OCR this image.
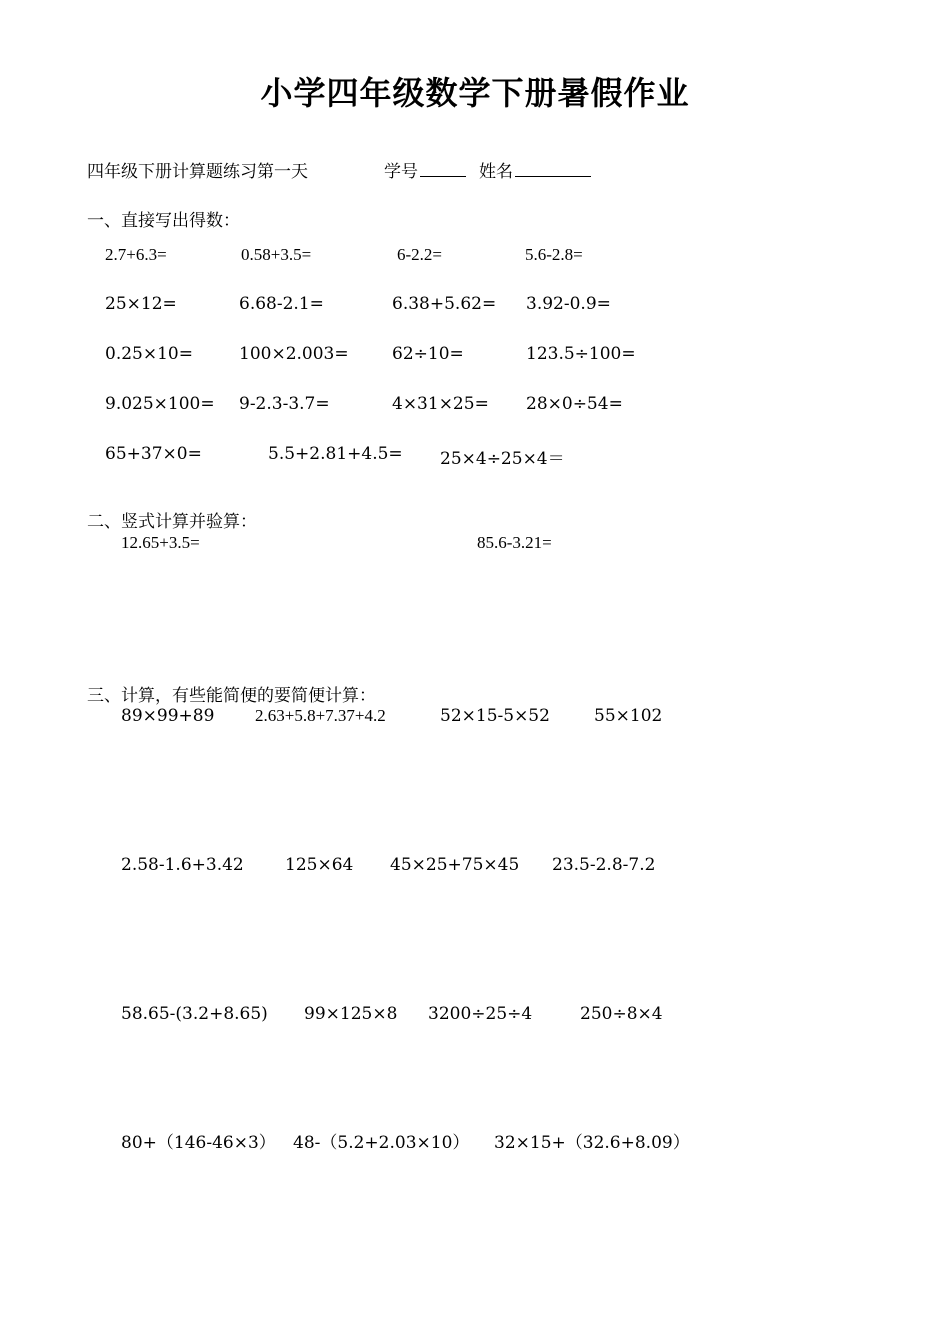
小学四年级数学下册暑假作业
四年级下册计算题练习第一天	学号	姓名
一、直接写出得数：
2.7+6.3=	0.58+3.5=	6-2.2=	5.6-2.8=
25×12=	6.68-2.1=	6.38+5.62= 3.92-0.9=
0.25×10=	100×2.003=	62÷10=	123.5÷100=
9.025×100= 9-2.3-3.7=	4×31×25= 28×0÷54=
65+37×0=	5.5+2.81+4.5= 25×4÷25×4＝
二、竖式计算并验算：
12.65+3.5=	85.6-3.21=
三、计算，有些能简便的要简便计算：
89×99+89 2.63+5.8+7.37+4.2	52×15-5×52	55×102
2.58-1.6+3.42 125×64 45×25+75×45 23.5-2.8-7.2
58.65-(3.2+8.65) 99×125×8 3200÷25÷4	250÷8×4
80+（146-46×3） 48-（5.2+2.03×10） 32×15+（32.6+8.09）
